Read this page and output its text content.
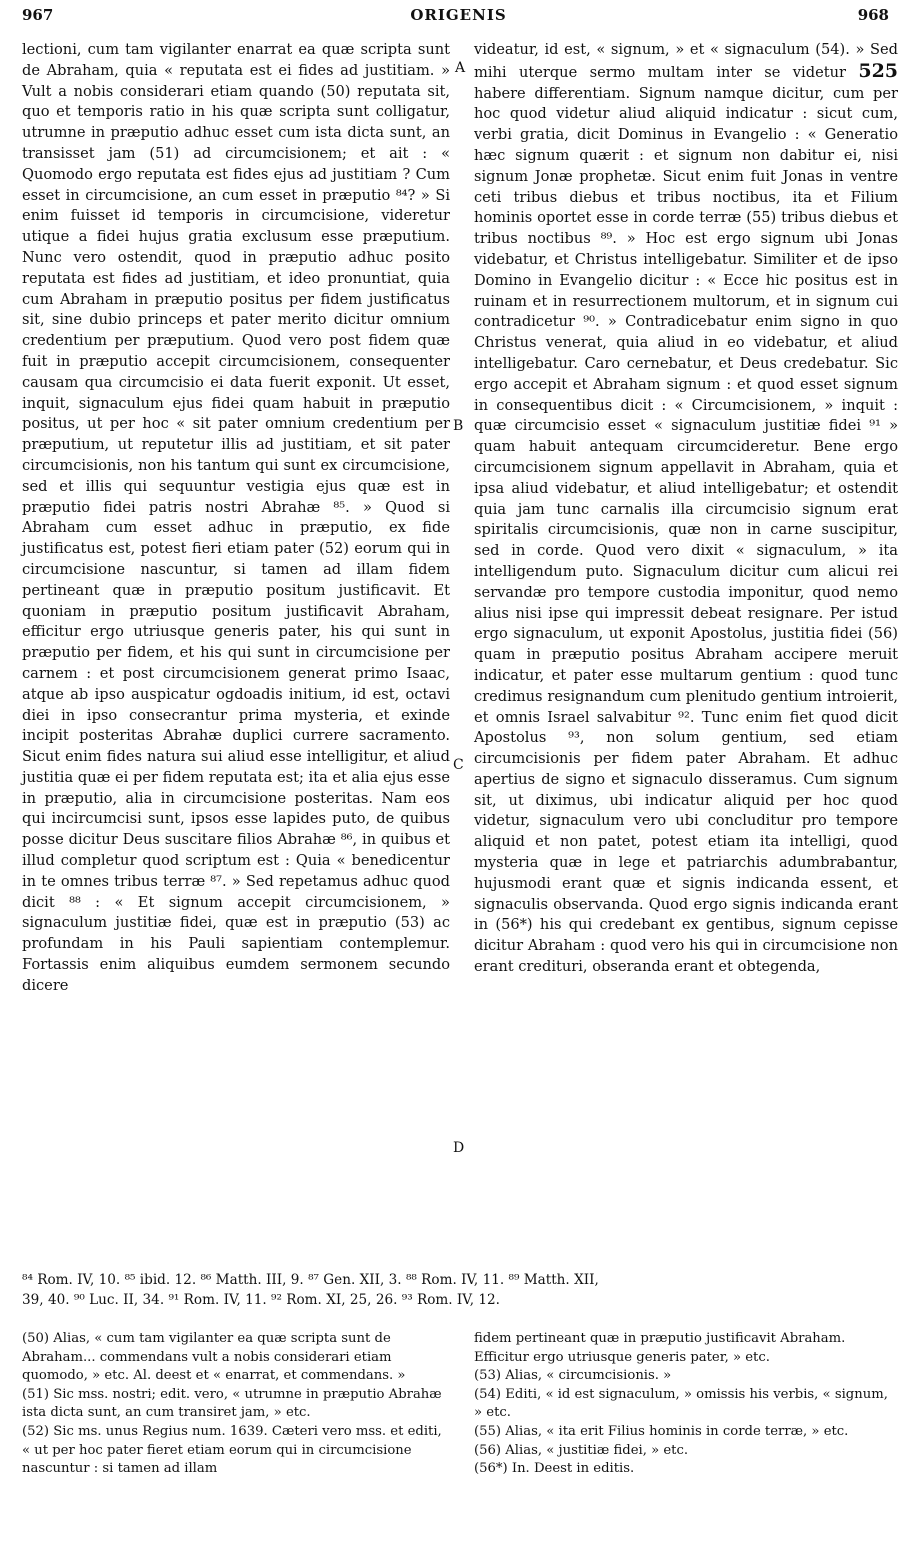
967	ORIGENIS	968

lectioni, cum tam vigilanter enarrat ea quæ scripta sunt de Abraham, quia « reputata est ei fides ad justitiam. » Vult a nobis considerari etiam quando (50) reputata sit, quo et temporis ratio in his quæ scripta sunt colligatur, utrumne in præputio adhuc esset cum ista dicta sunt, an transisset jam (51) ad circumcisionem; et ait : « Quomodo ergo reputata est fides ejus ad justitiam ? Cum esset in circumcisione, an cum esset in præputio ⁸⁴? » Si enim fuisset id temporis in circumcisione, videretur utique a fidei hujus gratia exclusum esse præputium. Nunc vero ostendit, quod in præputio adhuc posito reputata est fides ad justitiam, et ideo pronuntiat, quia cum Abraham in præputio positus per fidem justificatus sit, sine dubio princeps et pater merito dicitur omnium credentium per præputium. Quod vero post fidem quæ fuit in præputio accepit circumcisionem, consequenter causam qua circumcisio ei data fuerit exponit. Ut esset, inquit, signaculum ejus fidei quam habuit in præputio positus, ut per hoc « sit pater omnium credentium per præputium, ut reputetur illis ad justitiam, et sit pater circumcisionis, non his tantum qui sunt ex circumcisione, sed et illis qui sequuntur vestigia ejus quæ est in præputio fidei patris nostri Abrahæ ⁸⁵. » Quod si Abraham cum esset adhuc in præputio, ex fide justificatus est, potest fieri etiam pater (52) eorum qui in circumcisione nascuntur, si tamen ad illam fidem pertineant quæ in præputio positum justificavit. Et quoniam in præputio positum justificavit Abraham, efficitur ergo utriusque generis pater, his qui sunt in præputio per fidem, et his qui sunt in circumcisione per carnem : et post circumcisionem generat primo Isaac, atque ab ipso auspicatur ogdoadis initium, id est, octavi diei in ipso consecrantur prima mysteria, et exinde incipit posteritas Abrahæ duplici currere sacramento. Sicut enim fides natura sui aliud esse intelligitur, et aliud justitia quæ ei per fidem reputata est; ita et alia ejus esse in præputio, alia in circumcisione posteritas. Nam eos qui incircumcisi sunt, ipsos esse lapides puto, de quibus posse dicitur Deus suscitare filios Abrahæ ⁸⁶, in quibus et illud completur quod scriptum est : Quia « benedicentur in te omnes tribus terræ ⁸⁷. » Sed repetamus adhuc quod dicit ⁸⁸ : « Et signum accepit circumcisionem, » signaculum justitiæ fidei, quæ est in præputio (53) ac profundam in his Pauli sapientiam contemplemur. Fortassis enim aliquibus eumdem sermonem secundo dicere

A
B
C
D

videatur, id est, « signum, » et « signaculum (54). » Sed mihi uterque sermo multam inter se videtur 525 habere differentiam. Signum namque dicitur, cum per hoc quod videtur aliud aliquid indicatur : sicut cum, verbi gratia, dicit Dominus in Evangelio : « Generatio hæc signum quærit : et signum non dabitur ei, nisi signum Jonæ prophetæ. Sicut enim fuit Jonas in ventre ceti tribus diebus et tribus noctibus, ita et Filium hominis oportet esse in corde terræ (55) tribus diebus et tribus noctibus ⁸⁹. » Hoc est ergo signum ubi Jonas videbatur, et Christus intelligebatur. Similiter et de ipso Domino in Evangelio dicitur : « Ecce hic positus est in ruinam et in resurrectionem multorum, et in signum cui contradicetur ⁹⁰. » Contradicebatur enim signo in quo Christus venerat, quia aliud in eo videbatur, et aliud intelligebatur. Caro cernebatur, et Deus credebatur. Sic ergo accepit et Abraham signum : et quod esset signum in consequentibus dicit : « Circumcisionem, » inquit : quæ circumcisio esset « signaculum justitiæ fidei ⁹¹ » quam habuit antequam circumcideretur. Bene ergo circumcisionem signum appellavit in Abraham, quia et ipsa aliud videbatur, et aliud intelligebatur; et ostendit quia jam tunc carnalis illa circumcisio signum erat spiritalis circumcisionis, quæ non in carne suscipitur, sed in corde. Quod vero dixit « signaculum, » ita intelligendum puto. Signaculum dicitur cum alicui rei servandæ pro tempore custodia imponitur, quod nemo alius nisi ipse qui impressit debeat resignare. Per istud ergo signaculum, ut exponit Apostolus, justitia fidei (56) quam in præputio positus Abraham accipere meruit indicatur, et pater esse multarum gentium : quod tunc credimus resignandum cum plenitudo gentium introierit, et omnis Israel salvabitur ⁹². Tunc enim fiet quod dicit Apostolus ⁹³, non solum gentium, sed etiam circumcisionis per fidem pater Abraham. Et adhuc apertius de signo et signaculo disseramus. Cum signum sit, ut diximus, ubi indicatur aliquid per hoc quod videtur, signaculum vero ubi concluditur pro tempore aliquid et non patet, potest etiam ita intelligi, quod mysteria quæ in lege et patriarchis adumbrabantur, hujusmodi erant quæ et signis indicanda essent, et signaculis observanda. Quod ergo signis indicanda erant in (56*) his qui credebant ex gentibus, signum cepisse dicitur Abraham : quod vero his qui in circumcisione non erant credituri, obseranda erant et obtegenda,

⁸⁴ Rom. IV, 10. ⁸⁵ ibid. 12. ⁸⁶ Matth. III, 9. ⁸⁷ Gen. XII, 3. ⁸⁸ Rom. IV, 11. ⁸⁹ Matth. XII,

39, 40. ⁹⁰ Luc. II, 34. ⁹¹ Rom. IV, 11. ⁹² Rom. XI, 25, 26. ⁹³ Rom. IV, 12.

(50) Alias, « cum tam vigilanter ea quæ scripta sunt de Abraham... commendans vult a nobis considerari etiam quomodo, » etc. Al. deest et « enarrat, et commendans. »

(51) Sic mss. nostri; edit. vero, « utrumne in præputio Abrahæ ista dicta sunt, an cum transiret jam, » etc.

(52) Sic ms. unus Regius num. 1639. Cæteri vero mss. et editi, « ut per hoc pater fieret etiam eorum qui in circumcisione nascuntur : si tamen ad illam

fidem pertineant quæ in præputio justificavit Abraham. Efficitur ergo utriusque generis pater, » etc.

(53) Alias, « circumcisionis. »

(54) Editi, « id est signaculum, » omissis his verbis, « signum, » etc.

(55) Alias, « ita erit Filius hominis in corde terræ, » etc.

(56) Alias, « justitiæ fidei, » etc.

(56*) In. Deest in editis.
